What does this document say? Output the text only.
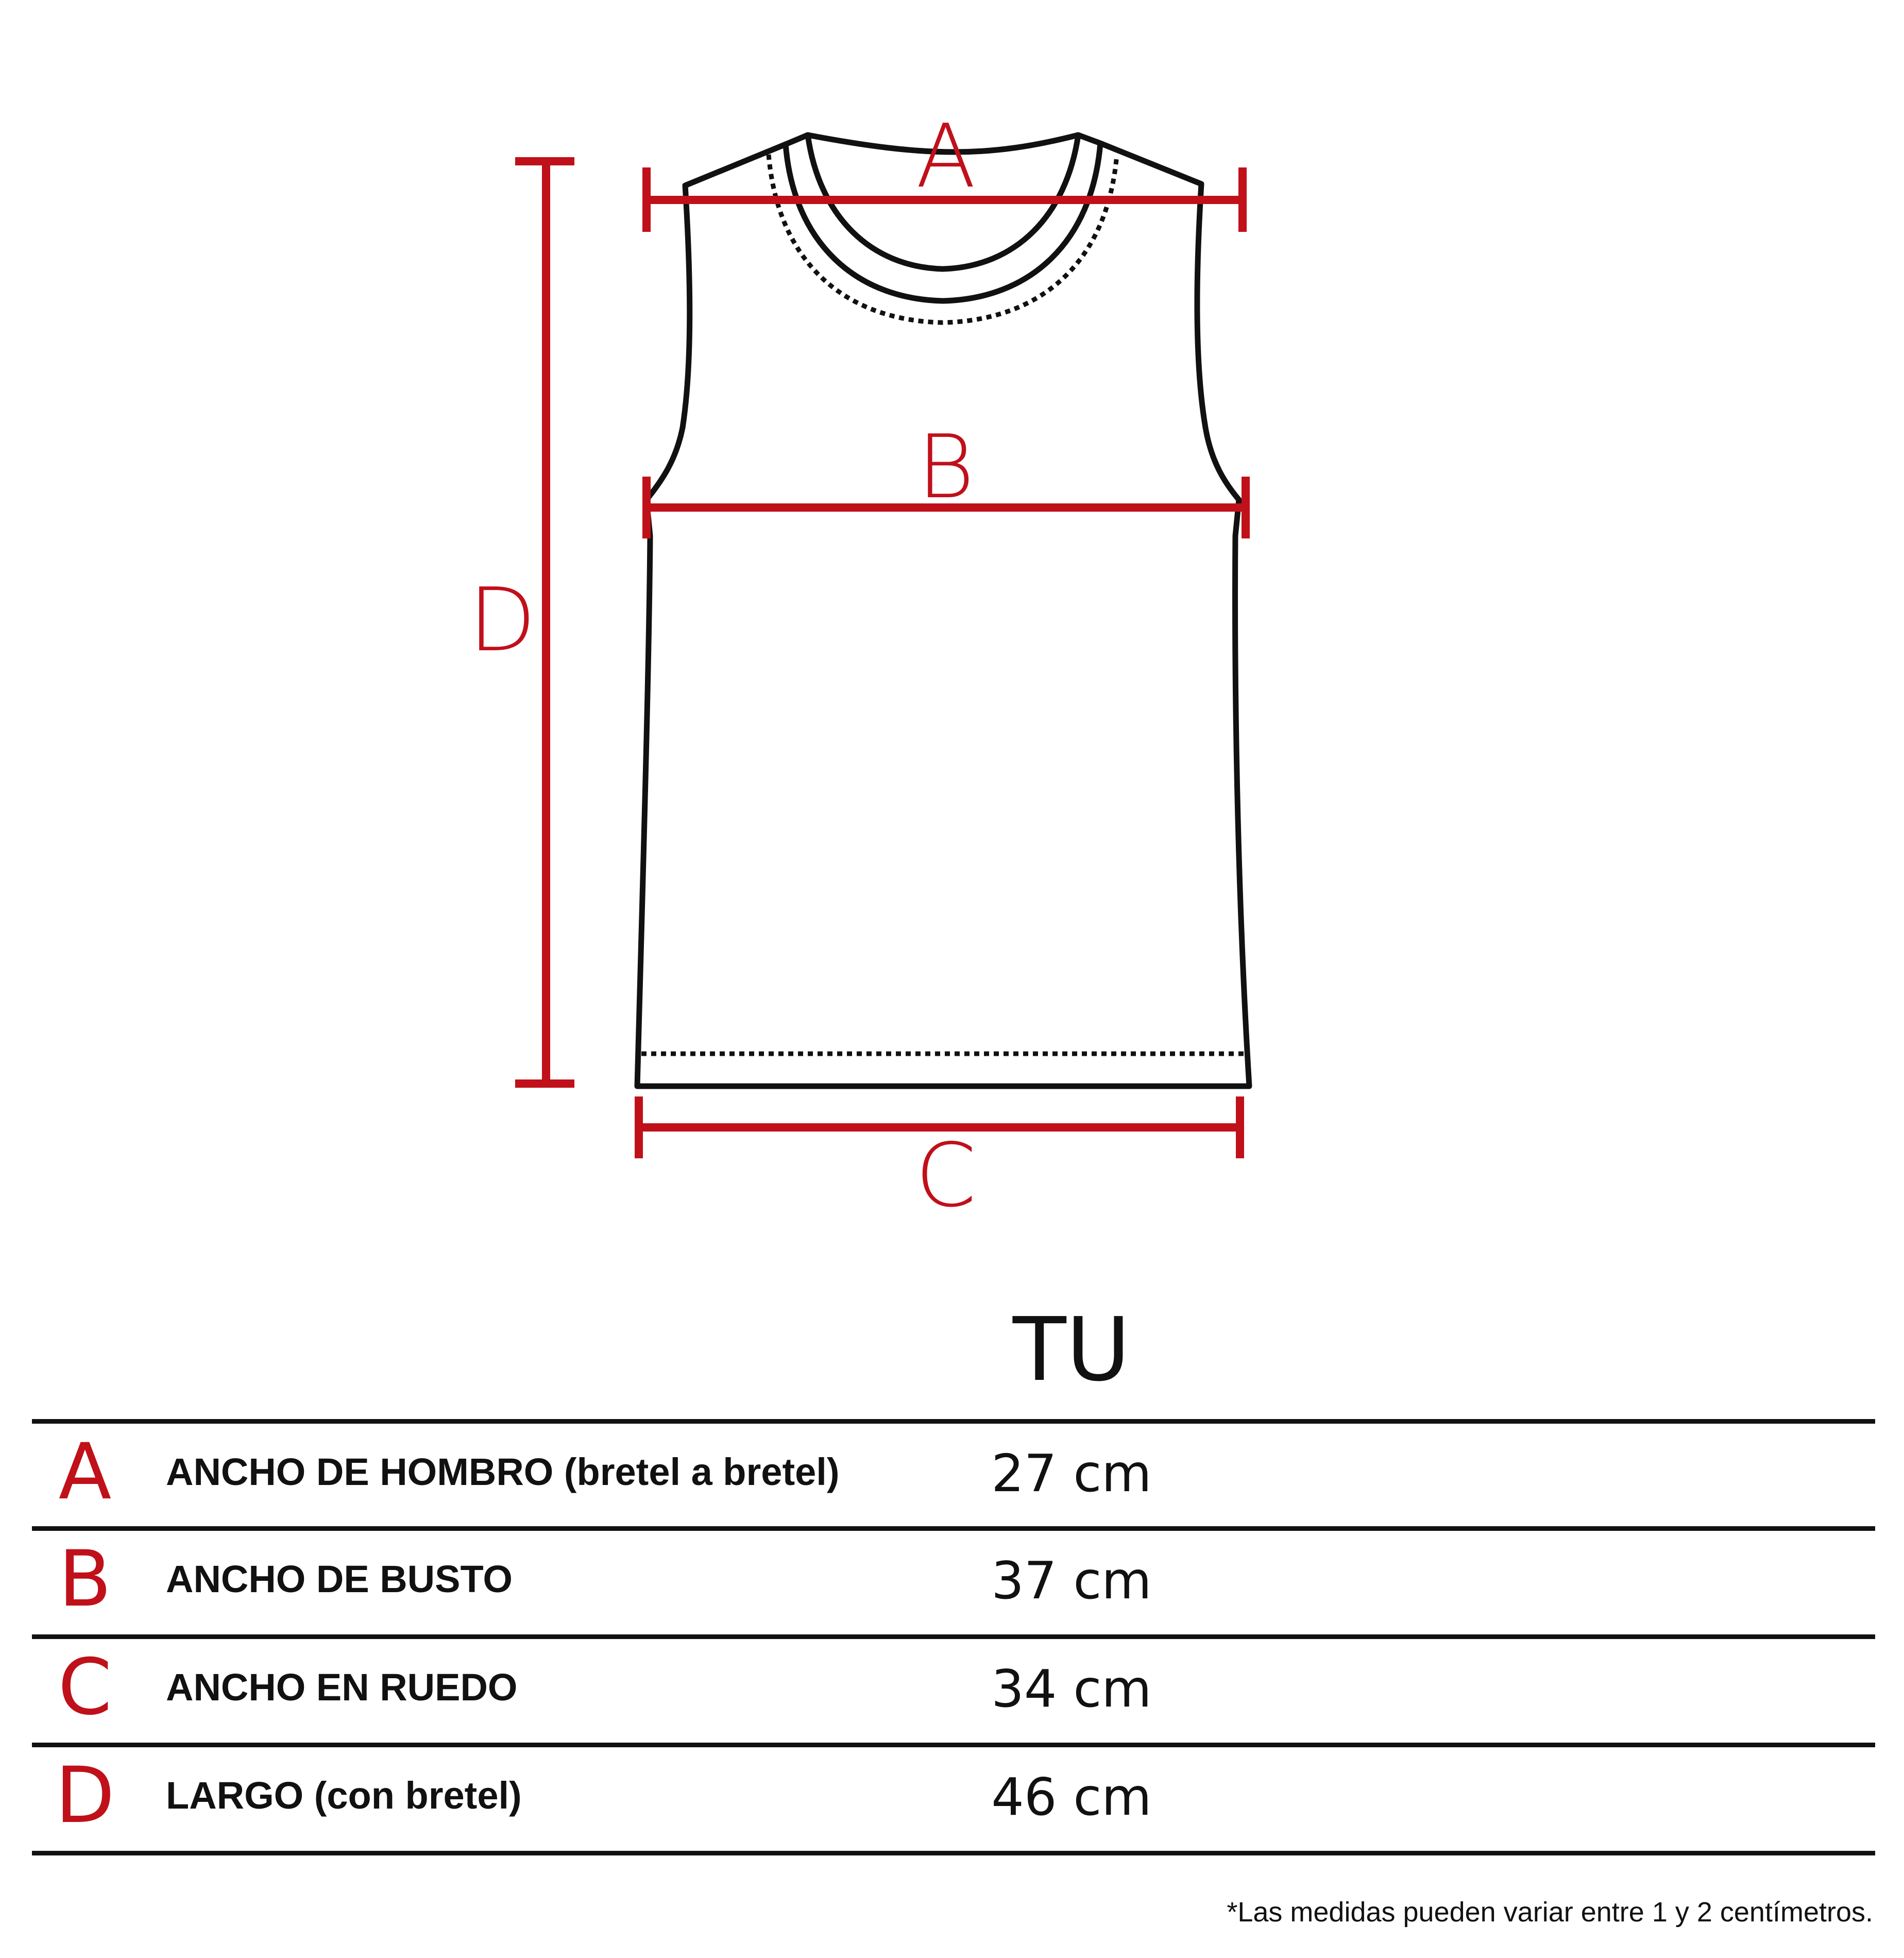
A
B
C
D
TU
A ANCHO DE HOMBRO (bretel a bretel)	27 cm
B ANCHO DE BUSTO	37 cm
C ANCHO EN RUEDO	34 cm
D LARGO (con bretel)	46 cm
*Las medidas pueden variar entre 1 y 2 centímetros.
